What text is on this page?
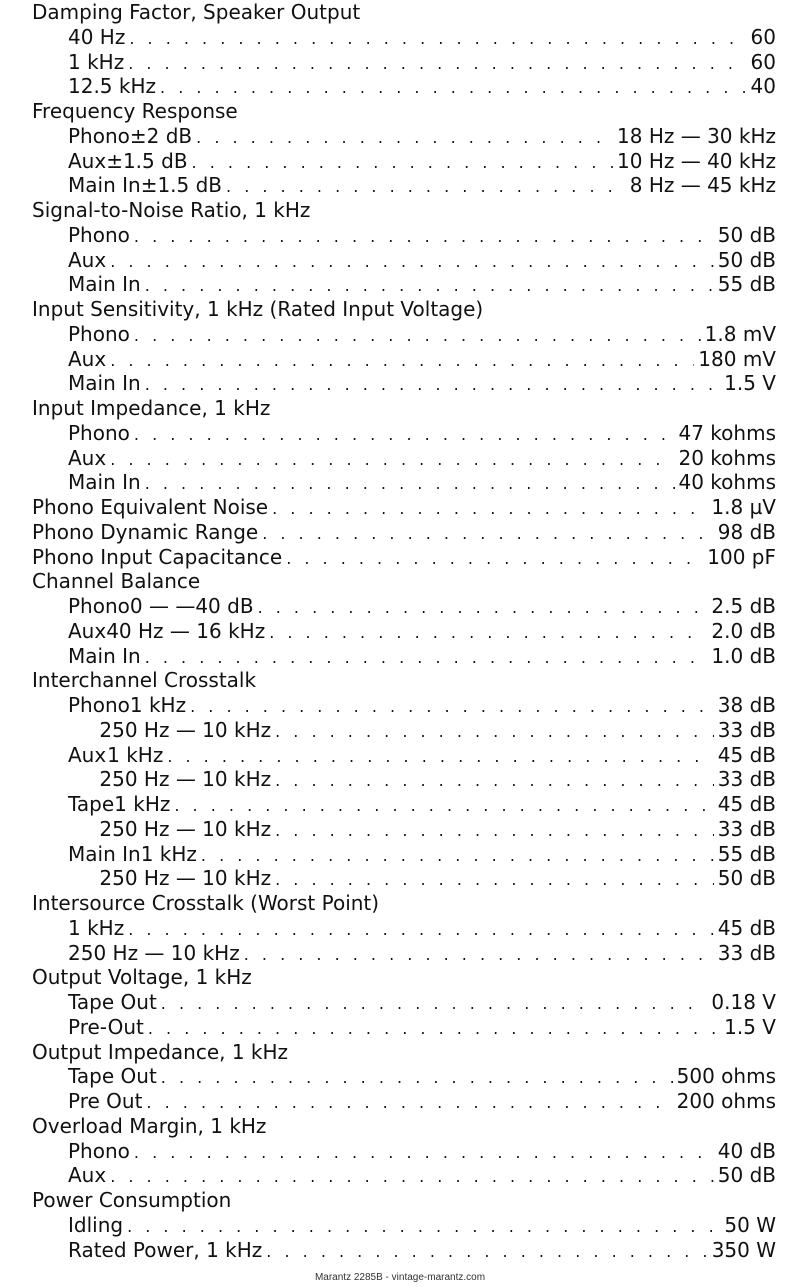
Damping Factor, Speaker Output
40 Hz . . .	60
1 kHz . . .	60
12.5 kHz . . .	40
Frequency Response
Phono ±2 dB . . .	18 Hz — 30 kHz
Aux ±1.5 dB . . .	10 Hz — 40 kHz
Main In ±1.5 dB . . .	8 Hz — 45 kHz
Signal-to-Noise Ratio, 1 kHz
Phono . . .	50 dB
Aux . . .	50 dB
Main In . . .	55 dB
Input Sensitivity, 1 kHz (Rated Input Voltage)
Phono . . .	1.8 mV
Aux . . .	180 mV
Main In . . .	1.5 V
Input Impedance, 1 kHz
Phono . . .	47 kohms
Aux . . .	20 kohms
Main In . . .	40 kohms
Phono Equivalent Noise . . .	1.8 µV
Phono Dynamic Range . . .	98 dB
Phono Input Capacitance . . .	100 pF
Channel Balance
Phono 0 — —40 dB . . .	2.5 dB
Aux 40 Hz — 16 kHz . . .	2.0 dB
Main In . . .	1.0 dB
Interchannel Crosstalk
Phono 1 kHz . . .	38 dB
250 Hz — 10 kHz . . .	33 dB
Aux 1 kHz . . .	45 dB
250 Hz — 10 kHz . . .	33 dB
Tape 1 kHz . . .	45 dB
250 Hz — 10 kHz . . .	33 dB
Main In 1 kHz . . .	55 dB
250 Hz — 10 kHz . . .	50 dB
Intersource Crosstalk (Worst Point)
1 kHz . . .	45 dB
250 Hz — 10 kHz . . .	33 dB
Output Voltage, 1 kHz
Tape Out . . .	0.18 V
Pre-Out . . .	1.5 V
Output Impedance, 1 kHz
Tape Out . . .	500 ohms
Pre Out . . .	200 ohms
Overload Margin, 1 kHz
Phono . . .	40 dB
Aux . . .	50 dB
Power Consumption
Idling . . .	50 W
Rated Power, 1 kHz . . .	350 W
Marantz 2285B - vintage-marantz.com
